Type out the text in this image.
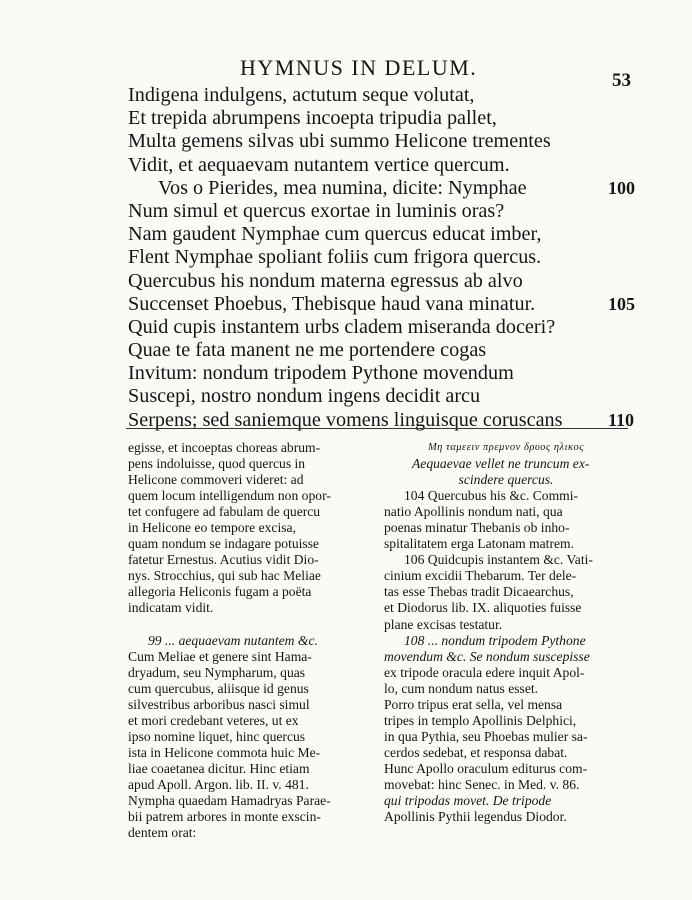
HYMNUS IN DELUM.
53
Indigena indulgens, actutum seque volutat,
Et trepida abrumpens incoepta tripudia pallet,
Multa gemens silvas ubi summo Helicone trementes
Vidit, et aequaevam nutantem vertice quercum.
Vos o Pierides, mea numina, dicite: Nymphae	100
Num simul et quercus exortae in luminis oras?
Nam gaudent Nymphae cum quercus educat imber,
Flent Nymphae spoliant foliis cum frigora quercus.
Quercubus his nondum materna egressus ab alvo
Succenset Phoebus, Thebisque haud vana minatur.	105
Quid cupis instantem urbs cladem miseranda doceri?
Quae te fata manent ne me portendere cogas
Invitum: nondum tripodem Pythone movendum
Suscepi, nostro nondum ingens decidit arcu
Serpens; sed saniemque vomens linguisque coruscans	110
egisse, et incoeptas choreas abrum-
pens indoluisse, quod quercus in
Helicone commoveri videret: ad
quem locum intelligendum non opor-
tet confugere ad fabulam de quercu
in Helicone eo tempore excisa,
quam nondum se indagare potuisse
fatetur Ernestus. Acutius vidit Dio-
nys. Strocchius, qui sub hac Meliae
allegoria Heliconis fugam a poëta
indicatam vidit.
99 ... aequaevam nutantem &c.
Cum Meliae et genere sint Hama-
dryadum, seu Nympharum, quas
cum quercubus, aliisque id genus
silvestribus arboribus nasci simul
et mori credebant veteres, ut ex
ipso nomine liquet, hinc quercus
ista in Helicone commota huic Me-
liae coaetanea dicitur. Hinc etiam
apud Apoll. Argon. lib. II. v. 481.
Nympha quaedam Hamadryas Parae-
bii patrem arbores in monte exscin-
dentem orat:
Μη ταμεειν πρεμνον δρυος ηλικος
Aequaevae vellet ne truncum ex-
scindere quercus.
104 Quercubus his &c. Commi-
natio Apollinis nondum nati, qua
poenas minatur Thebanis ob inho-
spitalitatem erga Latonam matrem.
106 Quidcupis instantem &c. Vati-
cinium excidii Thebarum. Ter dele-
tas esse Thebas tradit Dicaearchus,
et Diodorus lib. IX. aliquoties fuisse
plane excisas testatur.
108 ... nondum tripodem Pythone
movendum &c. Se nondum suscepisse
ex tripode oracula edere inquit Apol-
lo, cum nondum natus esset.
Porro tripus erat sella, vel mensa
tripes in templo Apollinis Delphici,
in qua Pythia, seu Phoebas mulier sa-
cerdos sedebat, et responsa dabat.
Hunc Apollo oraculum editurus com-
movebat: hinc Senec. in Med. v. 86.
qui tripodas movet. De tripode
Apollinis Pythii legendus Diodor.
